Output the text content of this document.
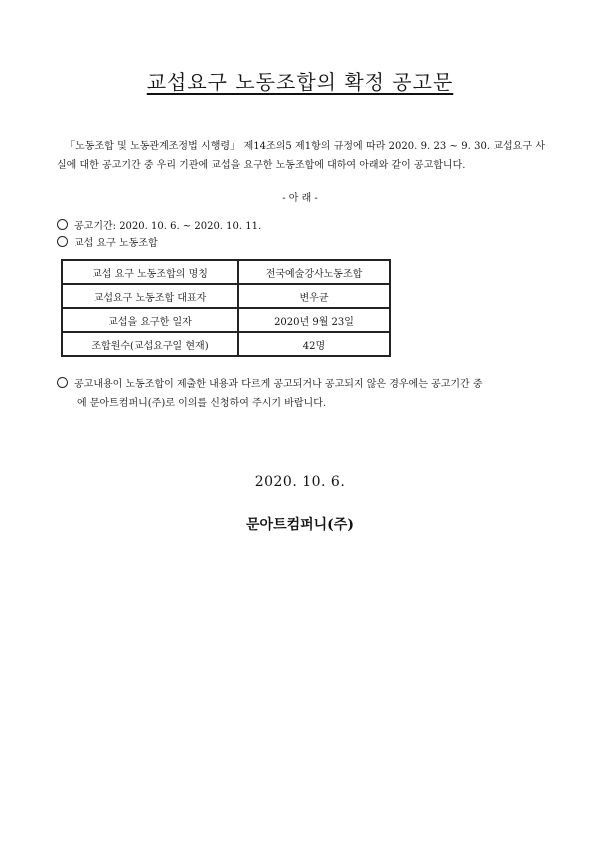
교섭요구 노동조합의 확정 공고문
「노동조합 및 노동관계조정법 시행령」 제14조의5 제1항의 규정에 따라 2020. 9. 23 ~ 9. 30. 교섭요구 사실에 대한 공고기간 중 우리 기관에 교섭을 요구한 노동조합에 대하여 아래와 같이 공고합니다.
- 아 래 -
공고기간: 2020. 10. 6. ~ 2020. 10. 11.
교섭 요구 노동조합
교섭 요구 노동조합의 명칭	전국예술강사노동조합
교섭요구 노동조합 대표자	변우균
교섭을 요구한 일자	2020년 9월 23일
조합원수(교섭요구일 현재)	42명
공고내용이 노동조합이 제출한 내용과 다르게 공고되거나 공고되지 않은 경우에는 공고기간 중
에 문아트컴퍼니(주)로 이의를 신청하여 주시기 바랍니다.
2020. 10. 6.
문아트컴퍼니(주)
